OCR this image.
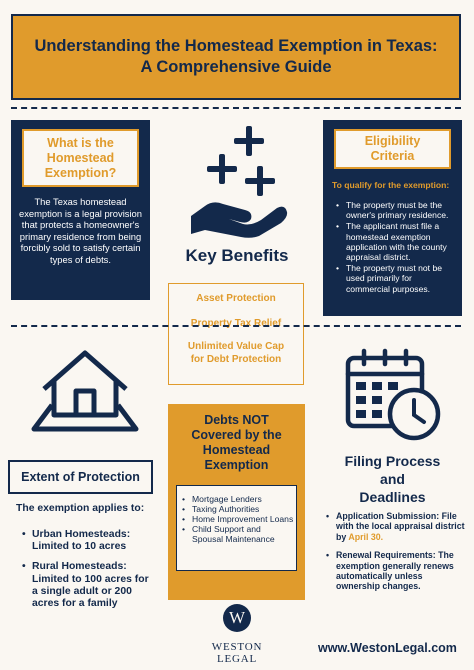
Understanding the Homestead Exemption in Texas:
A Comprehensive Guide
What is the
Homestead
Exemption?
The Texas homestead exemption is a legal provision that protects a homeowner's primary residence from being forcibly sold to satisfy certain types of debts.	Key Benefits
Asset Protection
Property Tax Relief
Unlimited Value Cap
for Debt Protection
Eligibility
Criteria
To qualify for the exemption:
• The property must be the owner's primary residence.
• The applicant must file a homestead exemption application with the county appraisal district.
• The property must not be used primarily for commercial purposes.
Extent of Protection
The exemption applies to:
• Urban Homesteads: Limited to 10 acres
• Rural Homesteads: Limited to 100 acres for a single adult or 200 acres for a family
Debts NOT
Covered by the
Homestead
Exemption
• Mortgage Lenders
• Taxing Authorities
• Home Improvement Loans
• Child Support and Spousal Maintenance
Filing Process
and
Deadlines
• Application Submission: File with the local appraisal district by April 30.
• Renewal Requirements: The exemption generally renews automatically unless ownership changes.
W
WESTON LEGAL
www.WestonLegal.com
